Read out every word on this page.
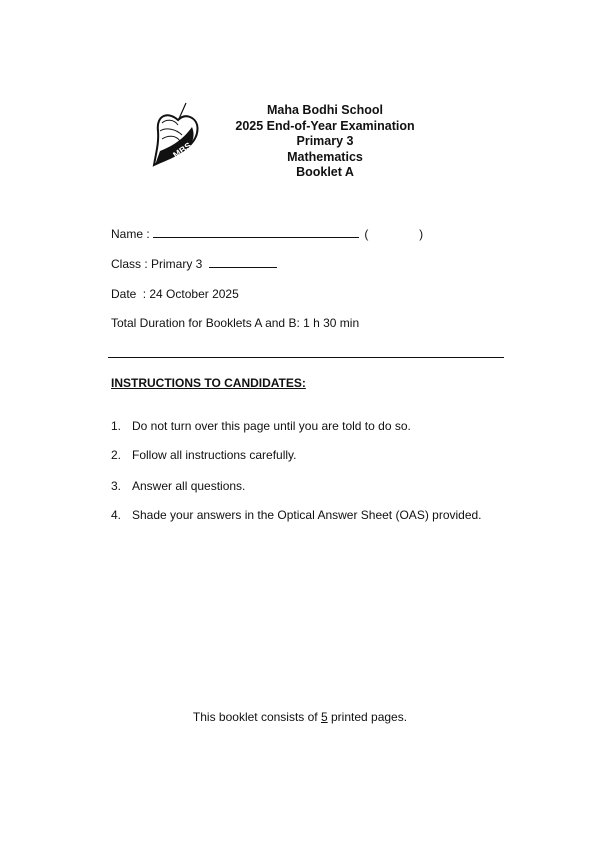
MBS
Maha Bodhi School
2025 End-of-Year Examination
Primary 3
Mathematics
Booklet A
Name :	(	)
Class : Primary 3
Date : 24 October 2025
Total Duration for Booklets A and B: 1 h 30 min
INSTRUCTIONS TO CANDIDATES:
1. Do not turn over this page until you are told to do so.
2. Follow all instructions carefully.
3. Answer all questions.
4. Shade your answers in the Optical Answer Sheet (OAS) provided.
This booklet consists of 5 printed pages.
